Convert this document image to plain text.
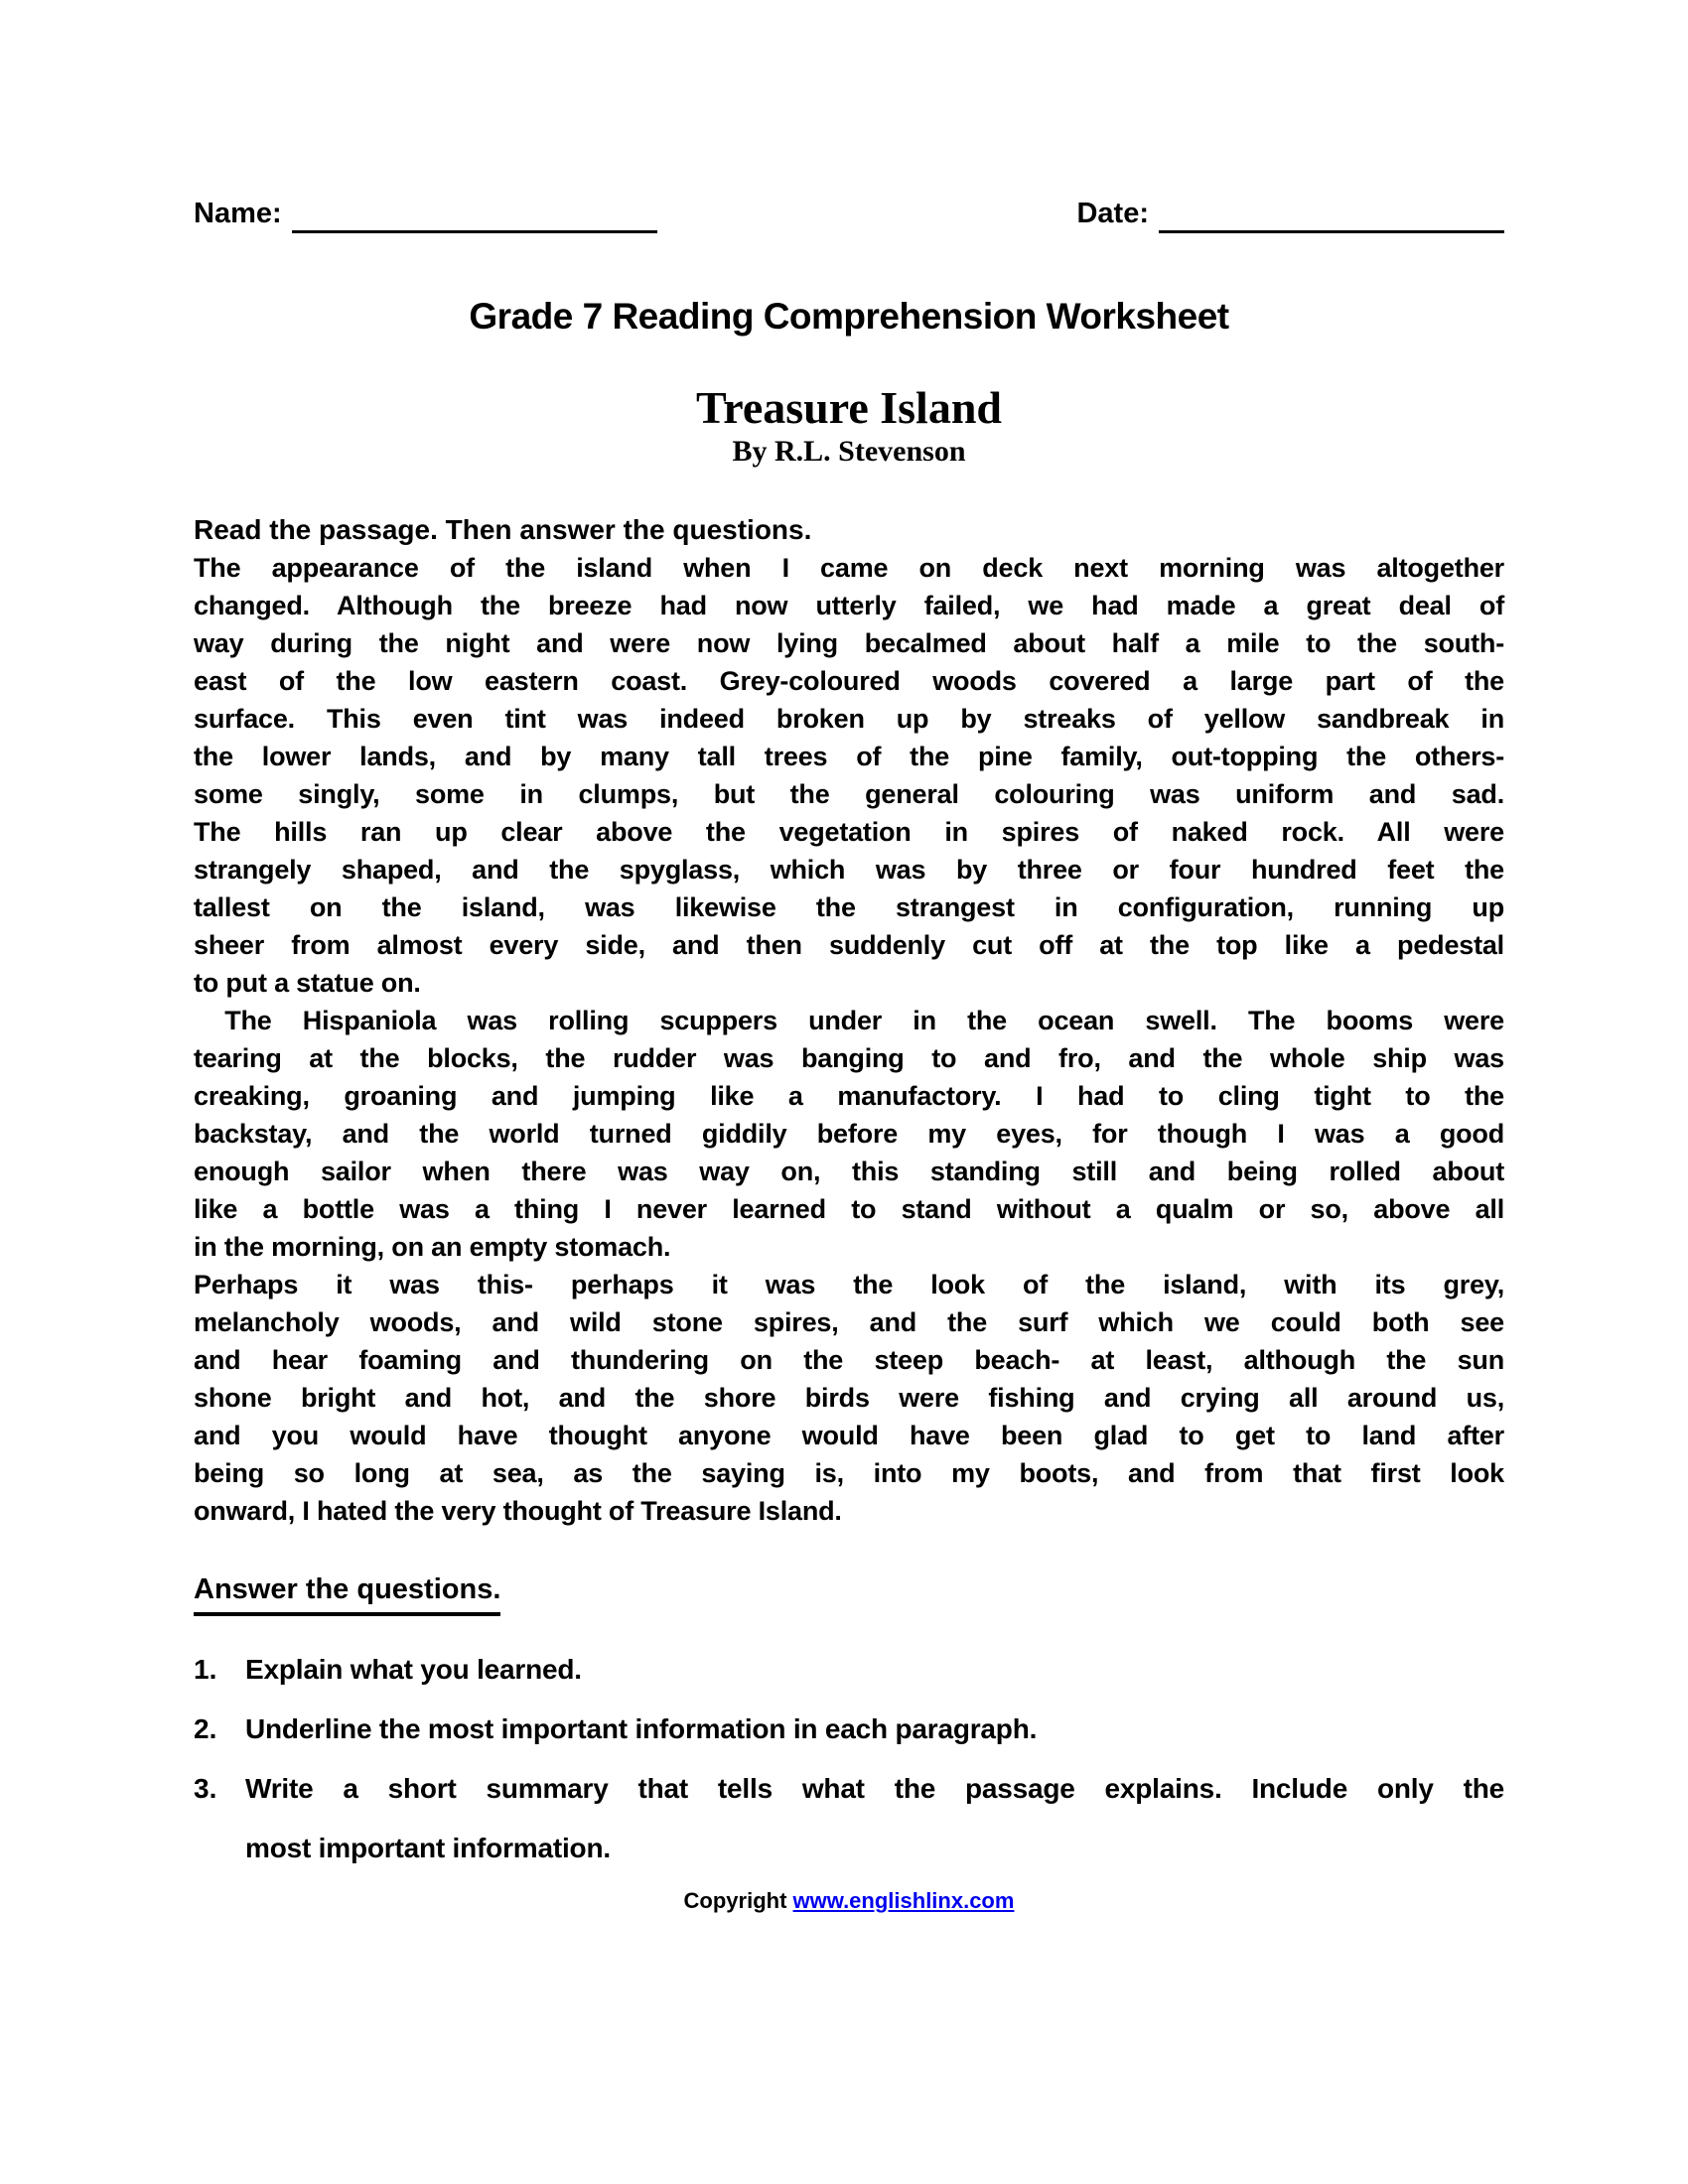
Name:	Date:
Grade 7 Reading Comprehension Worksheet
Treasure Island
By R.L. Stevenson
Read the passage. Then answer the questions.
The appearance of the island when I came on deck next morning was altogether
changed. Although the breeze had now utterly failed, we had made a great deal of
way during the night and were now lying becalmed about half a mile to the south-
east of the low eastern coast. Grey-coloured woods covered a large part of the
surface. This even tint was indeed broken up by streaks of yellow sandbreak in
the lower lands, and by many tall trees of the pine family, out-topping the others-
some singly, some in clumps, but the general colouring was uniform and sad.
The hills ran up clear above the vegetation in spires of naked rock. All were
strangely shaped, and the spyglass, which was by three or four hundred feet the
tallest on the island, was likewise the strangest in configuration, running up
sheer from almost every side, and then suddenly cut off at the top like a pedestal
to put a statue on.
The Hispaniola was rolling scuppers under in the ocean swell. The booms were
tearing at the blocks, the rudder was banging to and fro, and the whole ship was
creaking, groaning and jumping like a manufactory. I had to cling tight to the
backstay, and the world turned giddily before my eyes, for though I was a good
enough sailor when there was way on, this standing still and being rolled about
like a bottle was a thing I never learned to stand without a qualm or so, above all
in the morning, on an empty stomach.
Perhaps it was this- perhaps it was the look of the island, with its grey,
melancholy woods, and wild stone spires, and the surf which we could both see
and hear foaming and thundering on the steep beach- at least, although the sun
shone bright and hot, and the shore birds were fishing and crying all around us,
and you would have thought anyone would have been glad to get to land after
being so long at sea, as the saying is, into my boots, and from that first look
onward, I hated the very thought of Treasure Island.
Answer the questions.
1.	Explain what you learned.
2.	Underline the most important information in each paragraph.
3.	Write a short summary that tells what the passage explains. Include only the
most important information.
Copyright www.englishlinx.com
